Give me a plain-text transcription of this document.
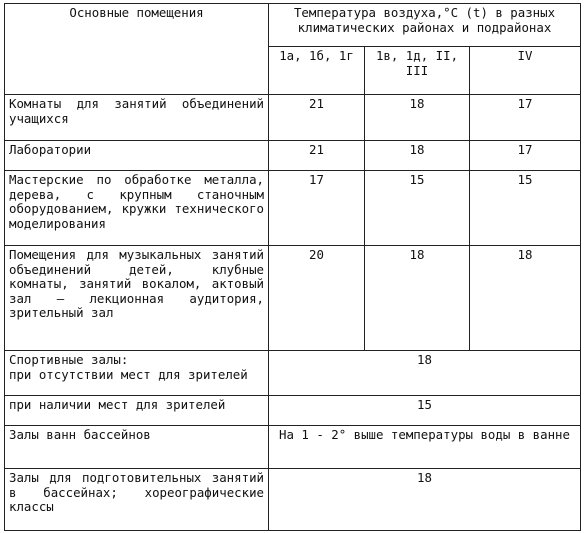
Основные помещения	Температура воздуха,°С (t) в разных климатических районах и подрайонах		
	1а, 1б, 1г	1в, 1д, II, III	IV
Комнаты для занятий объединений учащихся	21	18	17
Лаборатории	21	18	17
Мастерские по обработке металла, дерева, с крупным станочным оборудованием, кружки технического моделирования	17	15	15
Помещения для музыкальных занятий объединений детей, клубные комнаты, занятий вокалом, актовый зал – лекционная аудитория, зрительный зал	20	18	18

Спортивные залы:
при отсутствии мест для зрителей	18		
при наличии мест для зрителей	15		
Залы ванн бассейнов	На 1 - 2° выше температуры воды в ванне		
Залы для подготовительных занятий в бассейнах; хореографические классы	18		
